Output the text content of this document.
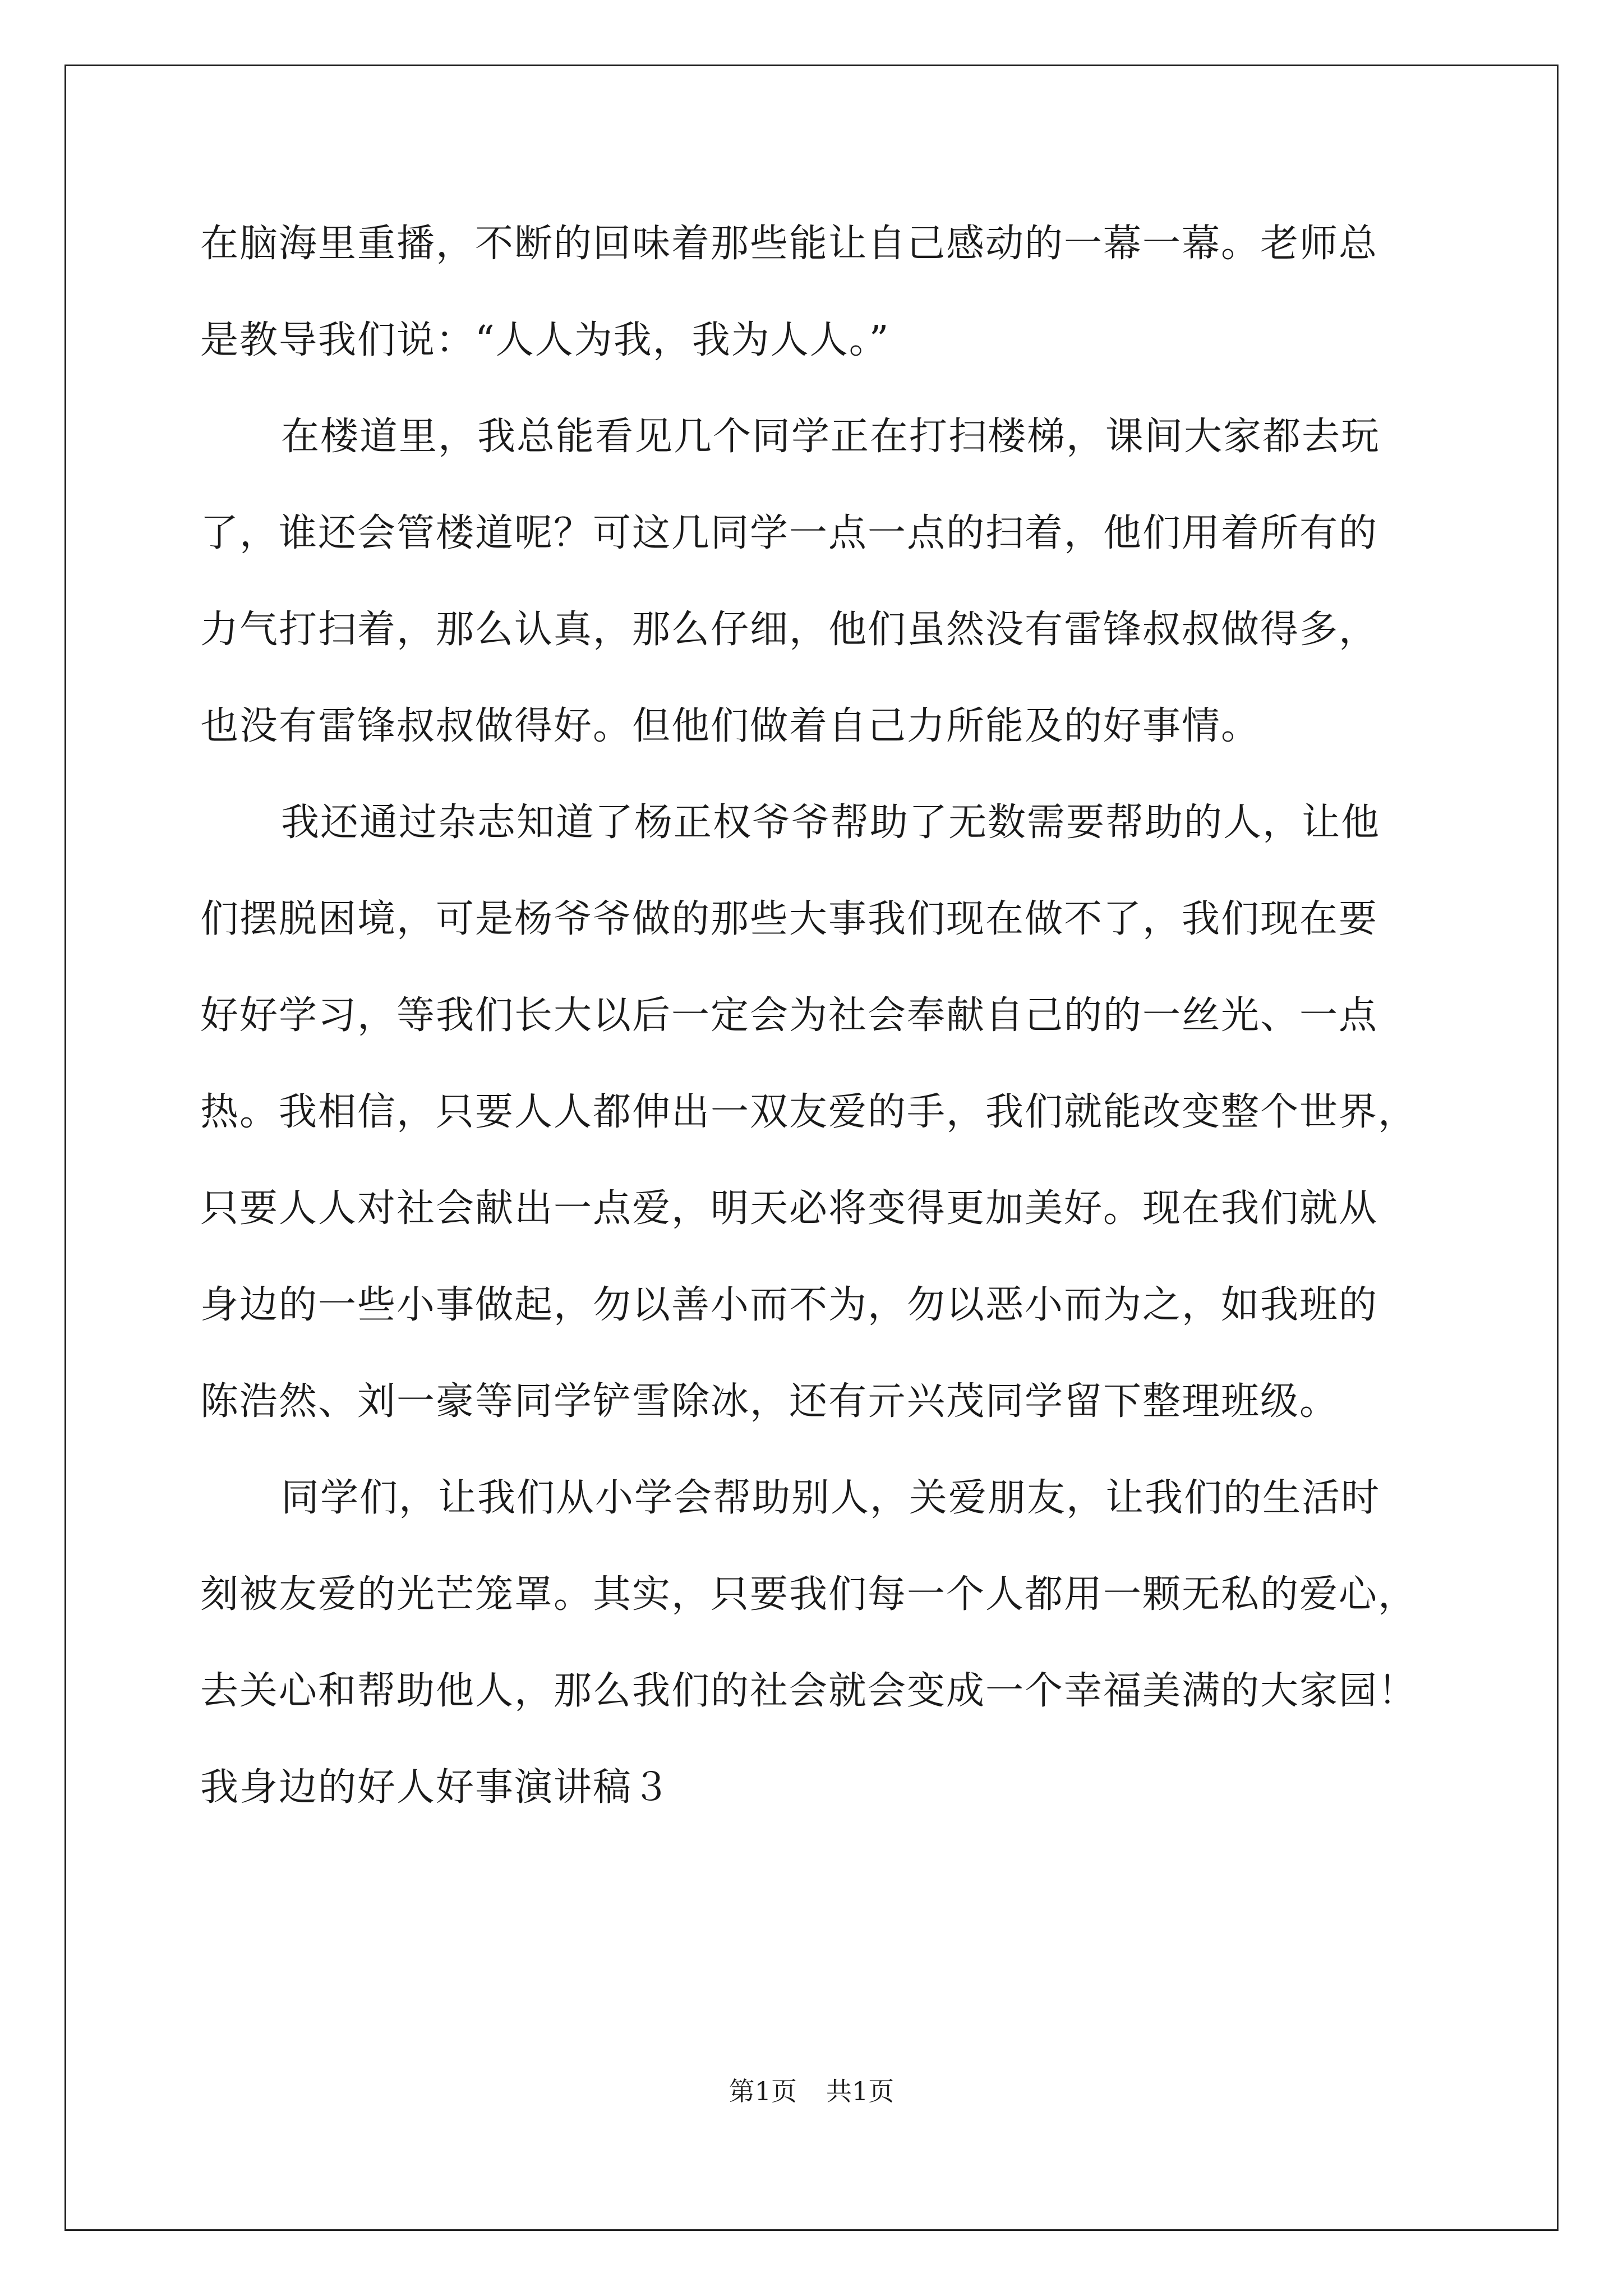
在脑海里重播，不断的回味着那些能让自己感动的一幕一幕。老师总
是教导我们说：“人人为我，我为人人。”
在楼道里，我总能看见几个同学正在打扫楼梯，课间大家都去玩
了，谁还会管楼道呢？可这几同学一点一点的扫着，他们用着所有的
力气打扫着，那么认真，那么仔细，他们虽然没有雷锋叔叔做得多，
也没有雷锋叔叔做得好。但他们做着自己力所能及的好事情。
我还通过杂志知道了杨正权爷爷帮助了无数需要帮助的人，让他
们摆脱困境，可是杨爷爷做的那些大事我们现在做不了，我们现在要
好好学习，等我们长大以后一定会为社会奉献自己的的一丝光、一点
热。我相信，只要人人都伸出一双友爱的手，我们就能改变整个世界，
只要人人对社会献出一点爱，明天必将变得更加美好。现在我们就从
身边的一些小事做起，勿以善小而不为，勿以恶小而为之，如我班的
陈浩然、刘一豪等同学铲雪除冰，还有亓兴茂同学留下整理班级。
同学们，让我们从小学会帮助别人，关爱朋友，让我们的生活时
刻被友爱的光芒笼罩。其实，只要我们每一个人都用一颗无私的爱心，
去关心和帮助他人，那么我们的社会就会变成一个幸福美满的大家园！
我身边的好人好事演讲稿３
第1页 共1页
